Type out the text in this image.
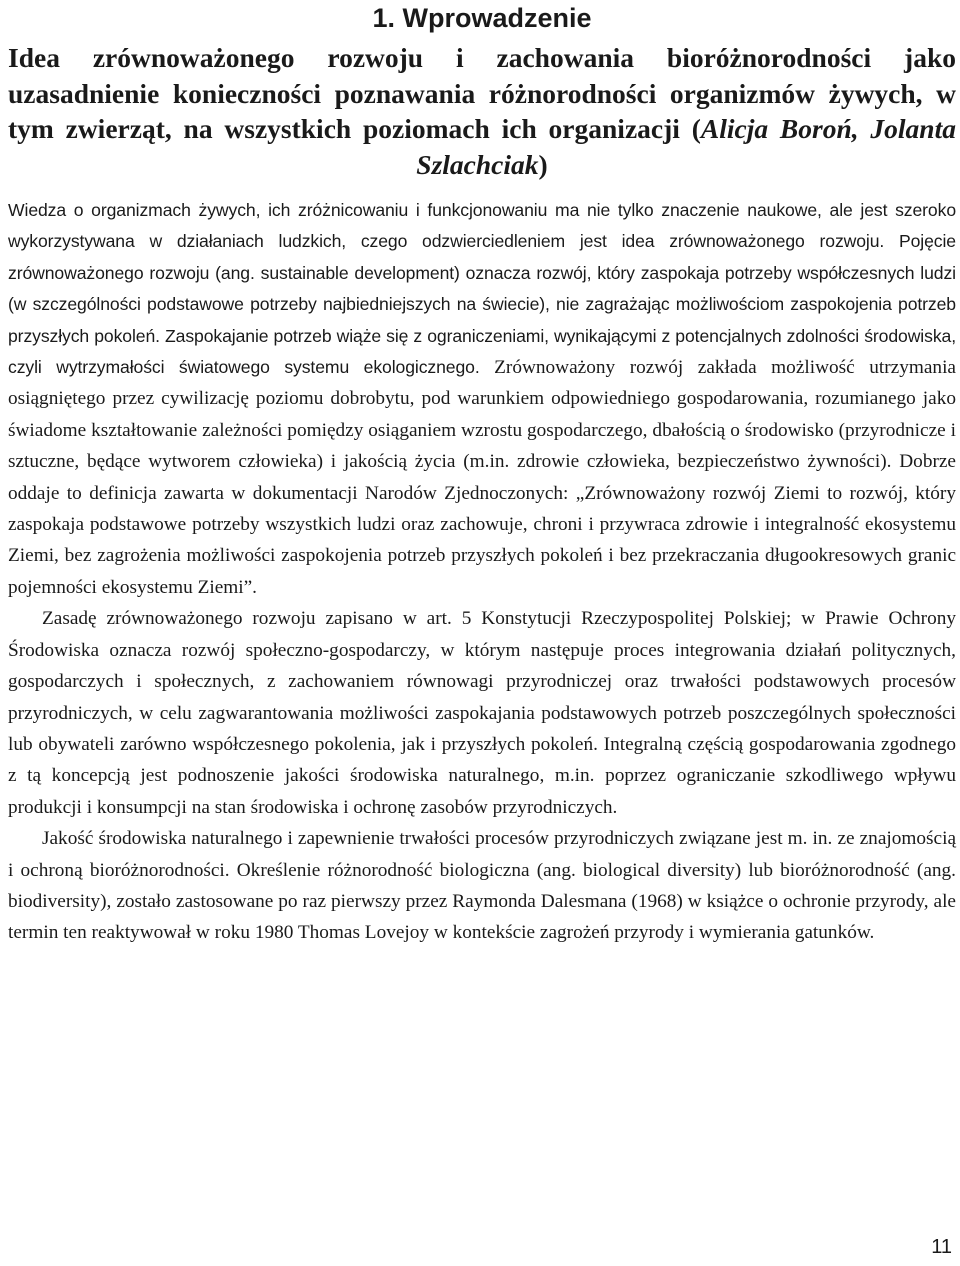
1. Wprowadzenie
Idea zrównoważonego rozwoju i zachowania bioróżnorodności jako uzasadnienie konieczności poznawania różnorodności organizmów żywych, w tym zwierząt, na wszystkich poziomach ich organizacji (Alicja Boroń, Jolanta Szlachciak)

Wiedza o organizmach żywych, ich zróżnicowaniu i funkcjonowaniu ma nie tylko znaczenie naukowe, ale jest szeroko wykorzystywana w działaniach ludzkich, czego odzwierciedleniem jest idea zrównoważonego rozwoju. Pojęcie zrównoważonego rozwoju (ang. sustainable development) oznacza rozwój, który zaspokaja potrzeby współczesnych ludzi (w szczególności podstawowe potrzeby najbiedniejszych na świecie), nie zagrażając możliwościom zaspokojenia potrzeb przyszłych pokoleń. Zaspokajanie potrzeb wiąże się z ograniczeniami, wynikającymi z potencjalnych zdolności środowiska, czyli wytrzymałości światowego systemu ekologicznego. Zrównoważony rozwój zakłada możliwość utrzymania osiągniętego przez cywilizację poziomu dobrobytu, pod warunkiem odpowiedniego gospodarowania, rozumianego jako świadome kształtowanie zależności pomiędzy osiąganiem wzrostu gospodarczego, dbałością o środowisko (przyrodnicze i sztuczne, będące wytworem człowieka) i jakością życia (m.in. zdrowie człowieka, bezpieczeństwo żywności). Dobrze oddaje to definicja zawarta w dokumentacji Narodów Zjednoczonych: „Zrównoważony rozwój Ziemi to rozwój, który zaspokaja podstawowe potrzeby wszystkich ludzi oraz zachowuje, chroni i przywraca zdrowie i integralność ekosystemu Ziemi, bez zagrożenia możliwości zaspokojenia potrzeb przyszłych pokoleń i bez przekraczania długookresowych granic pojemności ekosystemu Ziemi”.

Zasadę zrównoważonego rozwoju zapisano w art. 5 Konstytucji Rzeczypospolitej Polskiej; w Prawie Ochrony Środowiska oznacza rozwój społeczno-gospodarczy, w którym następuje proces integrowania działań politycznych, gospodarczych i społecznych, z zachowaniem równowagi przyrodniczej oraz trwałości podstawowych procesów przyrodniczych, w celu zagwarantowania możliwości zaspokajania podstawowych potrzeb poszczególnych społeczności lub obywateli zarówno współczesnego pokolenia, jak i przyszłych pokoleń. Integralną częścią gospodarowania zgodnego z tą koncepcją jest podnoszenie jakości środowiska naturalnego, m.in. poprzez ograniczanie szkodliwego wpływu produkcji i konsumpcji na stan środowiska i ochronę zasobów przyrodniczych.

Jakość środowiska naturalnego i zapewnienie trwałości procesów przyrodniczych związane jest m. in. ze znajomością i ochroną bioróżnorodności. Określenie różnorodność biologiczna (ang. biological diversity) lub bioróżnorodność (ang. biodiversity), zostało zastosowane po raz pierwszy przez Raymonda Dalesmana (1968) w książce o ochronie przyrody, ale termin ten reaktywował w roku 1980 Thomas Lovejoy w kontekście zagrożeń przyrody i wymierania gatunków.

11
